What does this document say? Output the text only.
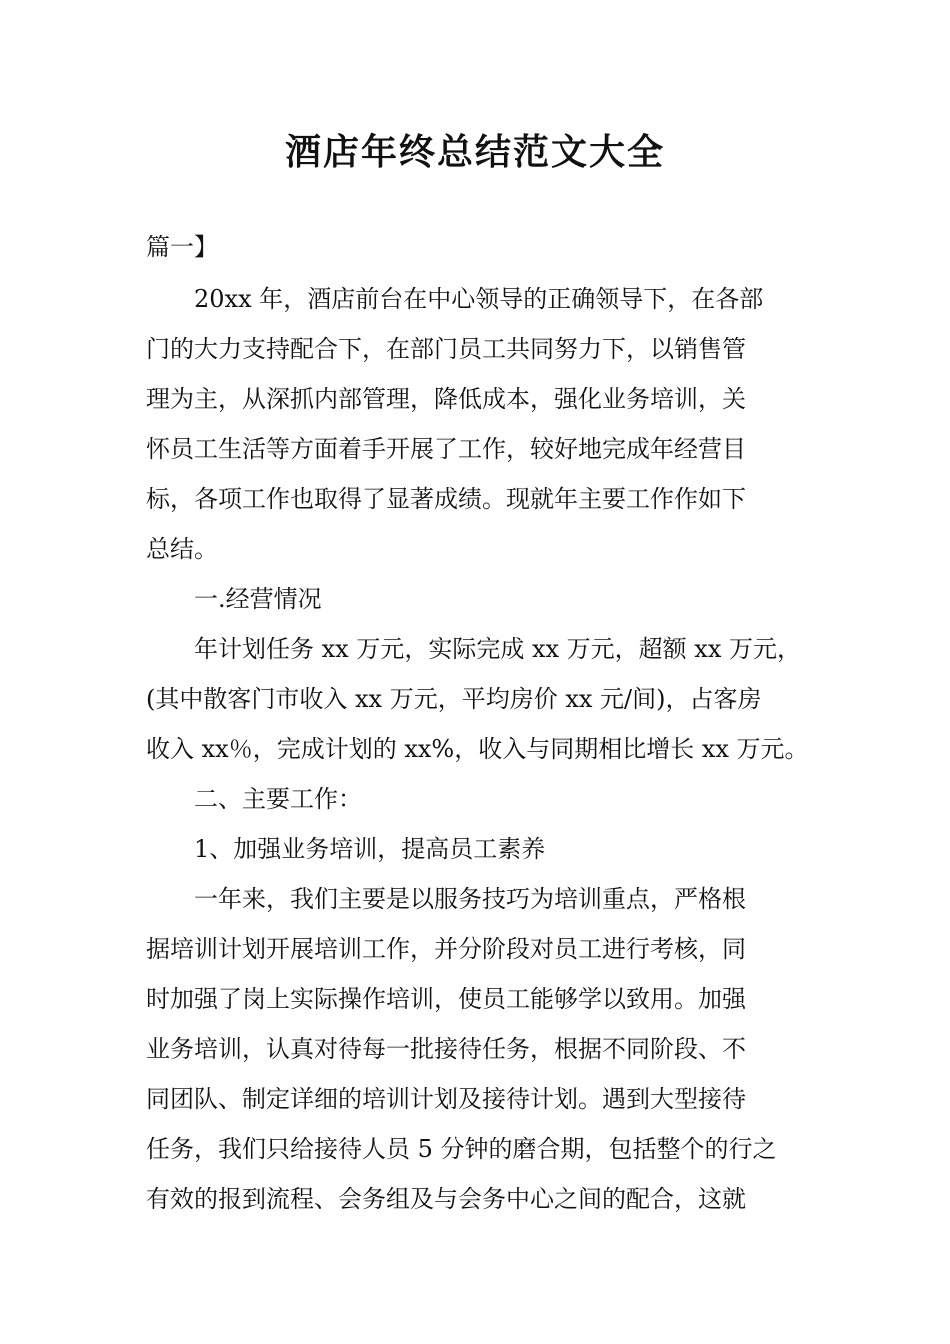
酒店年终总结范文大全
篇一】
20xx 年，酒店前台在中心领导的正确领导下，在各部
门的大力支持配合下，在部门员工共同努力下，以销售管
理为主，从深抓内部管理，降低成本，强化业务培训，关
怀员工生活等方面着手开展了工作，较好地完成年经营目
标，各项工作也取得了显著成绩。现就年主要工作作如下
总结。
一.经营情况
年计划任务 xx 万元，实际完成 xx 万元，超额 xx 万元，
(其中散客门市收入 xx 万元，平均房价 xx 元/间)，占客房
收入 xx％，完成计划的 xx%，收入与同期相比增长 xx 万元。
二、主要工作：
1、加强业务培训，提高员工素养
一年来，我们主要是以服务技巧为培训重点，严格根
据培训计划开展培训工作，并分阶段对员工进行考核，同
时加强了岗上实际操作培训，使员工能够学以致用。加强
业务培训，认真对待每一批接待任务，根据不同阶段、不
同团队、制定详细的培训计划及接待计划。遇到大型接待
任务，我们只给接待人员 5 分钟的磨合期，包括整个的行之
有效的报到流程、会务组及与会务中心之间的配合，这就
